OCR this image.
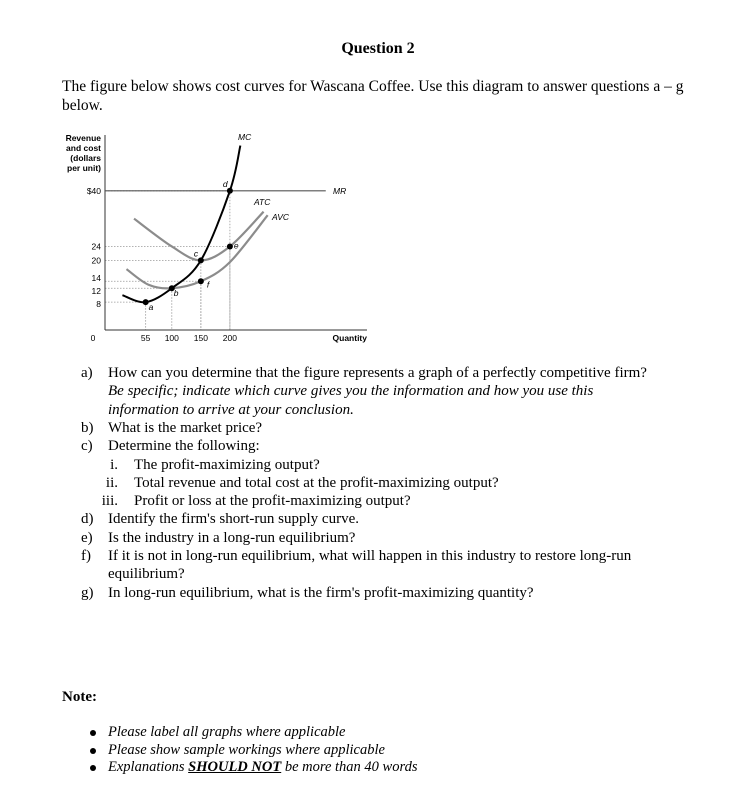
Question 2
The figure below shows cost curves for Wascana Coffee. Use this diagram to answer questions a – g below.
Revenue
and cost
(dollars
per unit)
Quantity
0
$40
24
20
14
12
8
55 100 150 200
MC
MR
ATC
AVC
a
b
c
d
e
f
a) How can you determine that the figure represents a graph of a perfectly competitive firm?
Be specific; indicate which curve gives you the information and how you use this
information to arrive at your conclusion.
b) What is the market price?
c) Determine the following:
i. The profit-maximizing output?
ii. Total revenue and total cost at the profit-maximizing output?
iii. Profit or loss at the profit-maximizing output?
d) Identify the firm's short-run supply curve.
e) Is the industry in a long-run equilibrium?
f) If it is not in long-run equilibrium, what will happen in this industry to restore long-run
equilibrium?
g) In long-run equilibrium, what is the firm's profit-maximizing quantity?
Note:
Please label all graphs where applicable
Please show sample workings where applicable
Explanations SHOULD NOT be more than 40 words
